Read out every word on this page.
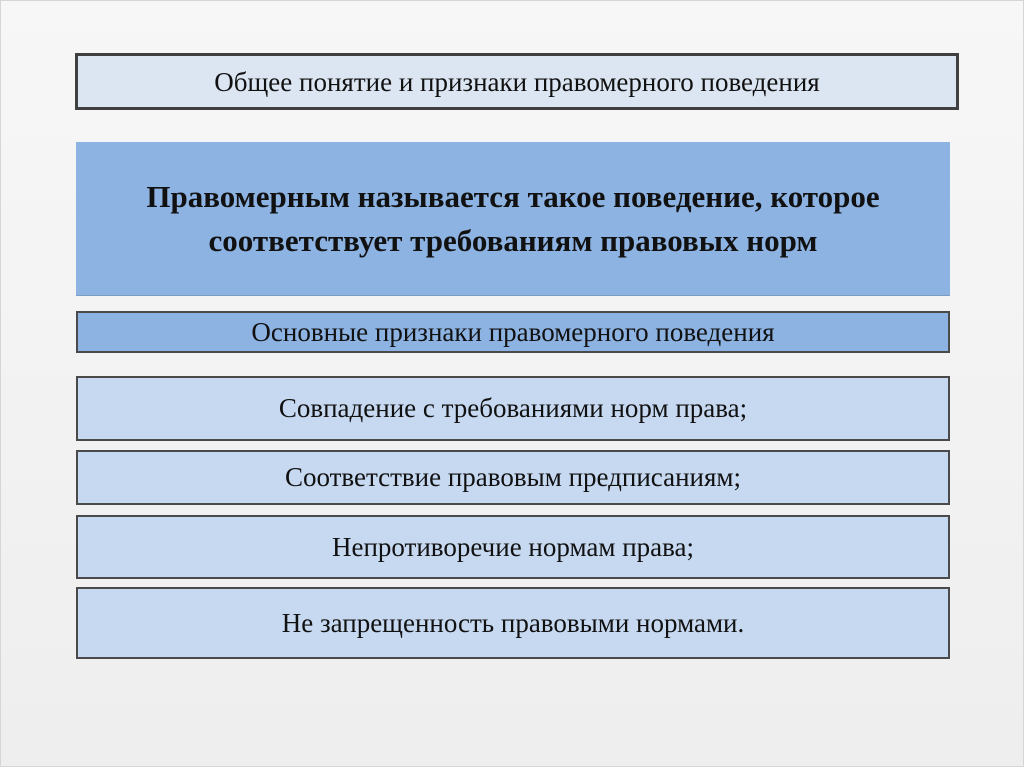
Общее понятие и признаки правомерного поведения
Правомерным называется такое поведение, которое соответствует требованиям правовых норм
Основные признаки правомерного поведения
Совпадение с требованиями норм права;
Соответствие правовым предписаниям;
Непротиворечие нормам права;
Не запрещенность правовыми нормами.
